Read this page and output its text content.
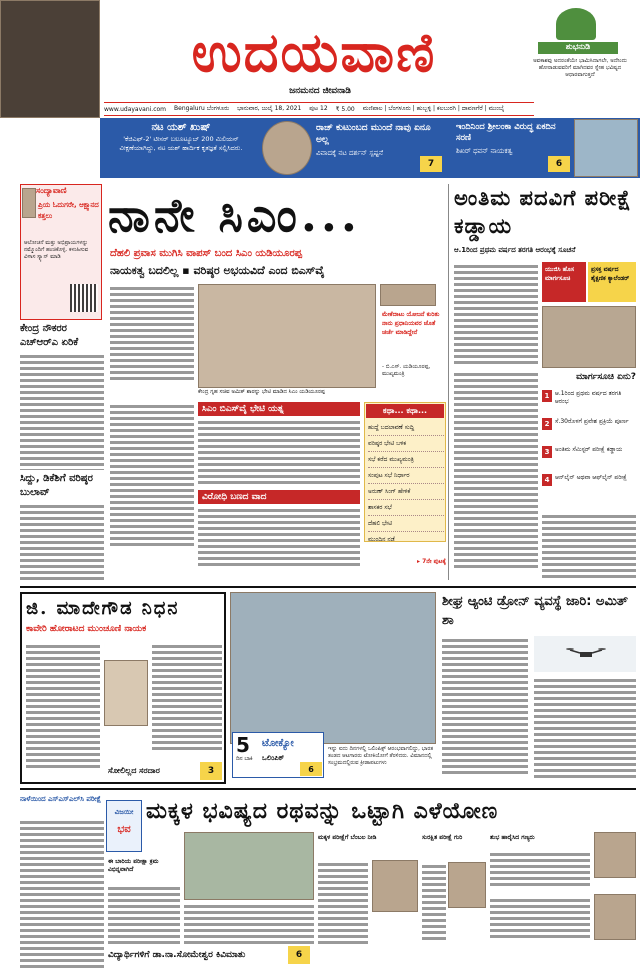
ಉದಯವಾಣಿ
ಜನಮನದ ಜೀವನಾಡಿ
ಶುಭನುಡಿ
ಅವಕಾಶವು ಅದರಂತೆಯೇ ಭಾಮಿಸಿದಾಗಲೇ, ಅದೇಂದು ಹೋರಾಡುವವರಿಗೆ ಮಾಗಿದವರ ಸ್ನೇಹ ಭವಿಷ್ಯದ ಆಧಾರವಾಗುತ್ತದೆ
www.udayavani.com Bengaluru ಬೆಂಗಳೂರು ಭಾನುವಾರ, ಜುಲೈ 18, 2021 ಪುಟ 12 ₹ 5.00 ಮಣಿಪಾಲ | ಬೆಂಗಳೂರು | ಹುಬ್ಬಳ್ಳಿ | ಕಲಬುರಗಿ | ದಾವಣಗೆರೆ | ಮುಂಬೈ
ನಟ ಯಶ್‌ ಖುಷ್‌
'ಕೆಜಿಎಫ್‌-2' ಟೀಸರ್‌ ಬಲೂಟ್ಯೂಬ್‌ 200 ಮಿಲಿಯನ್‌ ವೀಕ್ಷಣೆಯಾಗಿದ್ದು, ನಟ ಯಶ್‌ ಹಾರ್ದಿಕ ಕೃತಜ್ಞತೆ ಸಲ್ಲಿಸಿದರು.
ರಾಜ್‌ ಕುಟುಂಬದ ಮುಂದೆ ನಾವು ಏನೂ ಅಲ್ಲ
ವಿವಾದಕ್ಕೆ ನಟ ದರ್ಶನ್‌ ಸ್ಪಷ್ಟನೆ
7
ಇಂದಿನಿಂದ ಶ್ರೀಲಂಕಾ ವಿರುದ್ಧ ಏಕದಿನ ಸರಣಿ
ಶಿಖರ್‌ ಧವನ್‌ ನಾಯಕತ್ವ
6
ಸಂದ್ಯಾವಾಣಿ
ಪ್ರಿಯ ಓದುಗರೇ, ಆಕ್ಷ್ವಾನದ ಕತ್ತಲು
ಆಲೋಚನೆ ಮತ್ತು ಅಭಿಪ್ರಾಯಗಳನ್ನು ನಮ್ಮೊಂದಿಗೆ ಹಂಚಿಕೊಳ್ಳಿ. ಕಳುಹಿಸುವ ವಿಳಾಸ ಸ್ಕ್ಯಾನ್‌ ಮಾಡಿ
ಕೇಂದ್ರ ನೌಕರರ ಎಚ್‌ಆರ್‌ಎ ಏರಿಕೆ
ಸಿದ್ದು, ಡಿಕೆಶಿಗೆ ವರಿಷ್ಠರ ಬುಲಾವ್‌
ನಾನೇ ಸಿಎಂ...
ದೆಹಲಿ ಪ್ರವಾಸ ಮುಗಿಸಿ ವಾಪಸ್‌ ಬಂದ ಸಿಎಂ ಯಡಿಯೂರಪ್ಪ
ನಾಯಕತ್ವ ಬದಲಿಲ್ಲ ▪ ವರಿಷ್ಠರ ಅಭಯವಿದೆ ಎಂದ ಬಿಎಸ್‌ವೈ
ಕೇಂದ್ರ ಗೃಹ ಸಚಿವ ಅಮಿತ್‌ ಶಾರನ್ನು ಭೇಟಿ ಮಾಡಿದ ಸಿಎಂ ಯಡಿಯೂರಪ್ಪ
ಮೇಕೆದಾಟು ಯೋಜನೆ ಕುರಿತು ನಾನು ಪ್ರಧಾನಿಯವರ ಜೊತೆ ಚರ್ಚೆ ಮಾಡಿದ್ದೇನೆ
- ಬಿ.ಎಸ್‌. ಯಡಿಯೂರಪ್ಪ, ಮುಖ್ಯಮಂತ್ರಿ
ಸಿಎಂ ಬಿಎಸ್‌ವೈ ಭೇಟಿ ಯತ್ನ
ವಿರೋಧಿ ಬಣದ ವಾದ
ಕಥಾ... ಕಥಾ...
ಹುದ್ದೆ ಬದಲಾವಣೆ ಸುದ್ದಿ
ವರಿಷ್ಠರ ಭೇಟಿ ಬಳಿಕ
ಸಭೆ ಕರೆದ ಮುಖ್ಯಮಂತ್ರಿ
ಸಂಪುಟ ಸಭೆ ನಿರ್ಧಾರ
ಅರುಣ್‌ ಸಿಂಗ್‌ ಹೇಳಿಕೆ
ಶಾಸಕರ ಸಭೆ
ದೆಹಲಿ ಭೇಟಿ
ಮುಂದಿನ ನಡೆ
▸ 7ನೇ ಪುಟಕ್ಕೆ
ಅಂತಿಮ ಪದವಿಗೆ ಪರೀಕ್ಷೆ ಕಡ್ಡಾಯ
ಆ.1ರಿಂದ ಪ್ರಥಮ ವರ್ಷದ ತರಗತಿ ಆರಂಭಕ್ಕೆ ಸೂಚನೆ
ಯುಜಿಸಿ ಹೊಸ ಮಾರ್ಗಸೂಚಿ
ಪ್ರಸಕ್ತ ವರ್ಷದ ಶೈಕ್ಷಣಿಕ ಕ್ಯಾಲೆಂಡರ್‌
ಮಾರ್ಗಸೂಚಿ ಏನು?
1 ಆ.1ರಿಂದ ಪ್ರಥಮ ವರ್ಷದ ತರಗತಿ ಆರಂಭ
2 ಸೆ.30ರೊಳಗೆ ಪ್ರವೇಶ ಪ್ರಕ್ರಿಯೆ ಪೂರ್ಣ
3 ಅಂತಿಮ ಸೆಮಿಸ್ಟರ್‌ ಪರೀಕ್ಷೆ ಕಡ್ಡಾಯ
4 ಆನ್‌ಲೈನ್‌ ಅಥವಾ ಆಫ್‌ಲೈನ್‌ ಪರೀಕ್ಷೆ
ಜಿ. ಮಾದೇಗೌಡ ನಿಧನ
ಕಾವೇರಿ ಹೋರಾಟದ ಮುಂಚೂಣಿ ನಾಯಕ
ಸೋಲಿಲ್ಲದ ಸರದಾರ	3
5
ದಿನ ಬಾಕಿ
ಟೋಕ್ಯೋ
ಒಲಿಂಪಿಕ್‌
6
ಇನ್ನು ಐದು ದಿನಗಳಲ್ಲಿ ಒಲಿಂಪಿಕ್ಸ್‌ ಆರಂಭವಾಗಲಿದ್ದು, ಭಾರತ ತಂಡದ ಆಟಗಾರರು ಟೋಕಿಯೋಗೆ ತೆರಳಿದರು. ವಿಮಾನದಲ್ಲಿ ಸಂಭ್ರಮದಲ್ಲಿರುವ ಕ್ರೀಡಾಪಟುಗಳು
ಶೀಘ್ರ ಆ್ಯಂಟಿ ಡ್ರೋನ್‌ ವ್ಯವಸ್ಥೆ ಜಾರಿ: ಅಮಿತ್‌ ಶಾ
ನಾಳೆಯಿಂದ ಎಸ್‌ಎಸ್‌ಎಲ್‌ಸಿ ಪರೀಕ್ಷೆ
ವಿಜಯೀ
ಭವ
ಮಕ್ಕಳ ಭವಿಷ್ಯದ ರಥವನ್ನು ಒಟ್ಟಾಗಿ ಎಳೆಯೋಣ
ಈ ಬಾರಿಯ ಪರೀಕ್ಷಾ ಕ್ರಮ ವಿಭಿನ್ನವಾಗಿದೆ
ಮಕ್ಕಳ ಪರೀಕ್ಷೆಗೆ ಬೆಂಬಲ ನೀಡಿ	ಸುರಕ್ಷಿತ ಪರೀಕ್ಷೆ ಗುರಿ	ಶುಭ ಹಾರೈಸಿದ ಗಣ್ಯರು
ವಿದ್ಯಾರ್ಥಿಗಳಿಗೆ ಡಾ.ನಾ.ಸೋಮೇಶ್ವರ ಕಿವಿಮಾತು	6
